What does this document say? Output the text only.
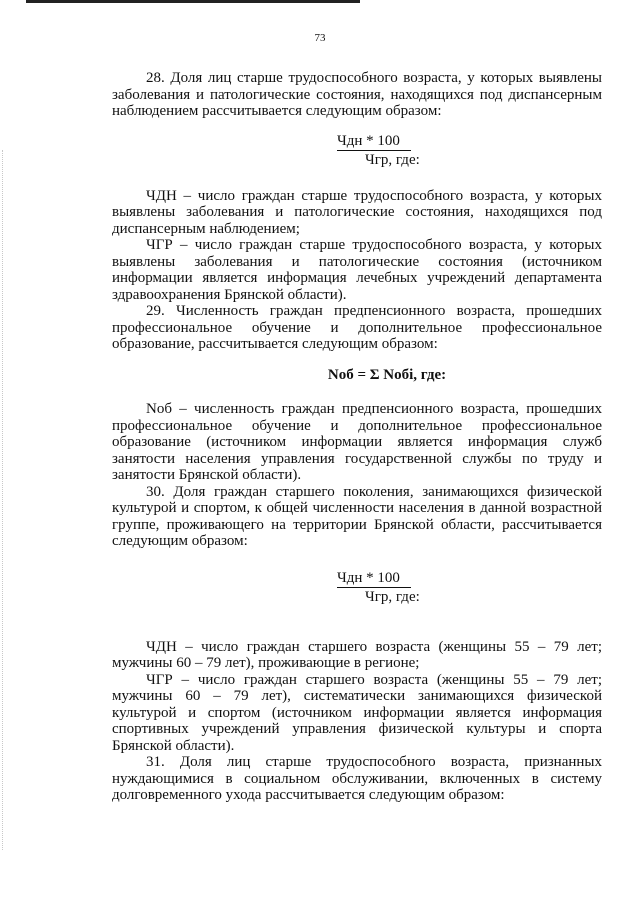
73

28. Доля лиц старше трудоспособного возраста, у которых выявлены заболевания и патологические состояния, находящихся под диспансерным наблюдением рассчитывается следующим образом:

Чдн * 100
Чгр, где:

ЧДН – число граждан старше трудоспособного возраста, у которых выявлены заболевания и патологические состояния, находящихся под диспансерным наблюдением;

ЧГР – число граждан старше трудоспособного возраста, у которых выявлены заболевания и патологические состояния (источником информации является информация лечебных учреждений департамента здравоохранения Брянской области).

29. Численность граждан предпенсионного возраста, прошедших профессиональное обучение и дополнительное профессиональное образование, рассчитывается следующим образом:

Nоб = Σ Nобi, где:

Nоб – численность граждан предпенсионного возраста, прошедших профессиональное обучение и дополнительное профессиональное образование (источником информации является информация служб занятости населения управления государственной службы по труду и занятости Брянской области).

30. Доля граждан старшего поколения, занимающихся физической культурой и спортом, к общей численности населения в данной возрастной группе, проживающего на территории Брянской области, рассчитывается следующим образом:

Чдн * 100
Чгр, где:

ЧДН – число граждан старшего возраста (женщины 55 – 79 лет; мужчины 60 – 79 лет), проживающие в регионе;

ЧГР – число граждан старшего возраста (женщины 55 – 79 лет; мужчины 60 – 79 лет), систематически занимающихся физической культурой и спортом (источником информации является информация спортивных учреждений управления физической культуры и спорта Брянской области).

31. Доля лиц старше трудоспособного возраста, признанных нуждающимися в социальном обслуживании, включенных в систему долговременного ухода рассчитывается следующим образом:
